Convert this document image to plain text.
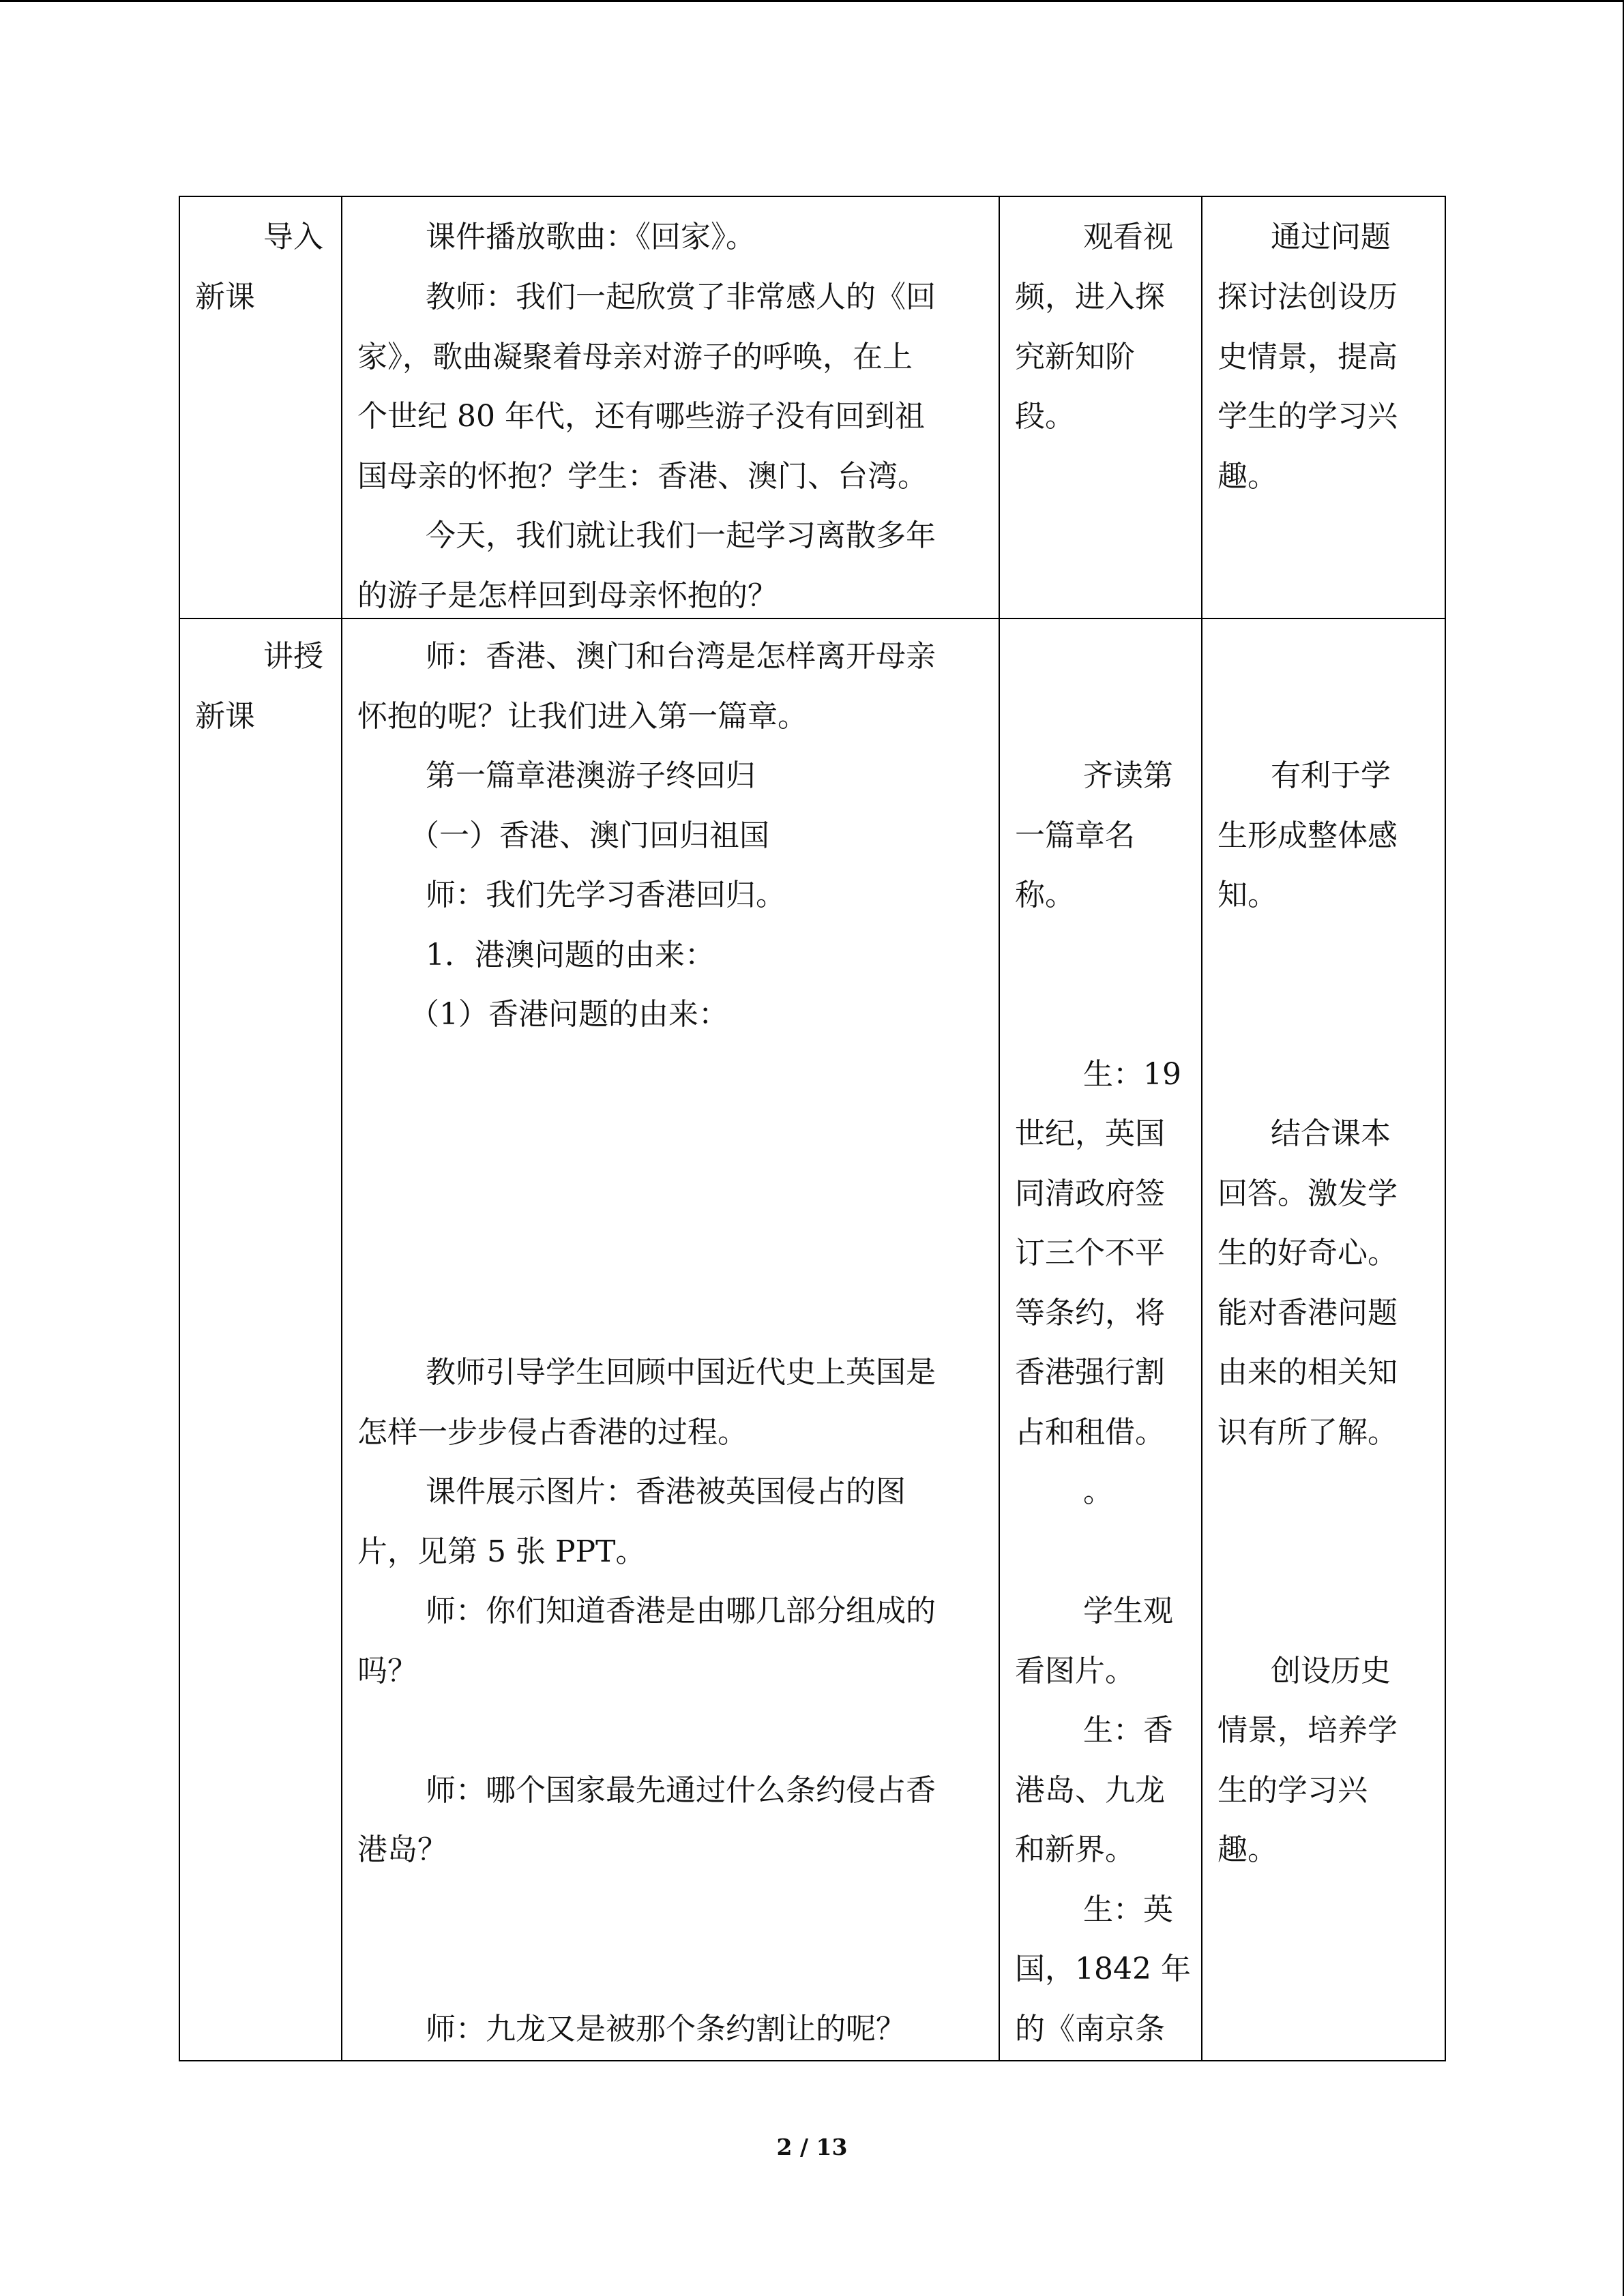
导入
新课
课件播放歌曲：《回家》。
教师：我们一起欣赏了非常感人的《回
家》，歌曲凝聚着母亲对游子的呼唤，在上
个世纪 80 年代，还有哪些游子没有回到祖
国母亲的怀抱？学生：香港、澳门、台湾。
今天，我们就让我们一起学习离散多年
的游子是怎样回到母亲怀抱的？
观看视
频，进入探
究新知阶
段。
通过问题
探讨法创设历
史情景，提高
学生的学习兴
趣。
讲授
新课
师：香港、澳门和台湾是怎样离开母亲
怀抱的呢？让我们进入第一篇章。
第一篇章港澳游子终回归
（一）香港、澳门回归祖国
师：我们先学习香港回归。
1．港澳问题的由来：
（1）香港问题的由来：
教师引导学生回顾中国近代史上英国是
怎样一步步侵占香港的过程。
课件展示图片：香港被英国侵占的图
片，见第 5 张 PPT。
师：你们知道香港是由哪几部分组成的
吗？
师：哪个国家最先通过什么条约侵占香
港岛？
师：九龙又是被那个条约割让的呢？
齐读第
一篇章名
称。
生：19
世纪，英国
同清政府签
订三个不平
等条约，将
香港强行割
占和租借。
。
学生观
看图片。
生：香
港岛、九龙
和新界。
生：英
国，1842 年
的《南京条
有利于学
生形成整体感
知。
结合课本
回答。激发学
生的好奇心。
能对香港问题
由来的相关知
识有所了解。
创设历史
情景，培养学
生的学习兴
趣。
2 / 13
